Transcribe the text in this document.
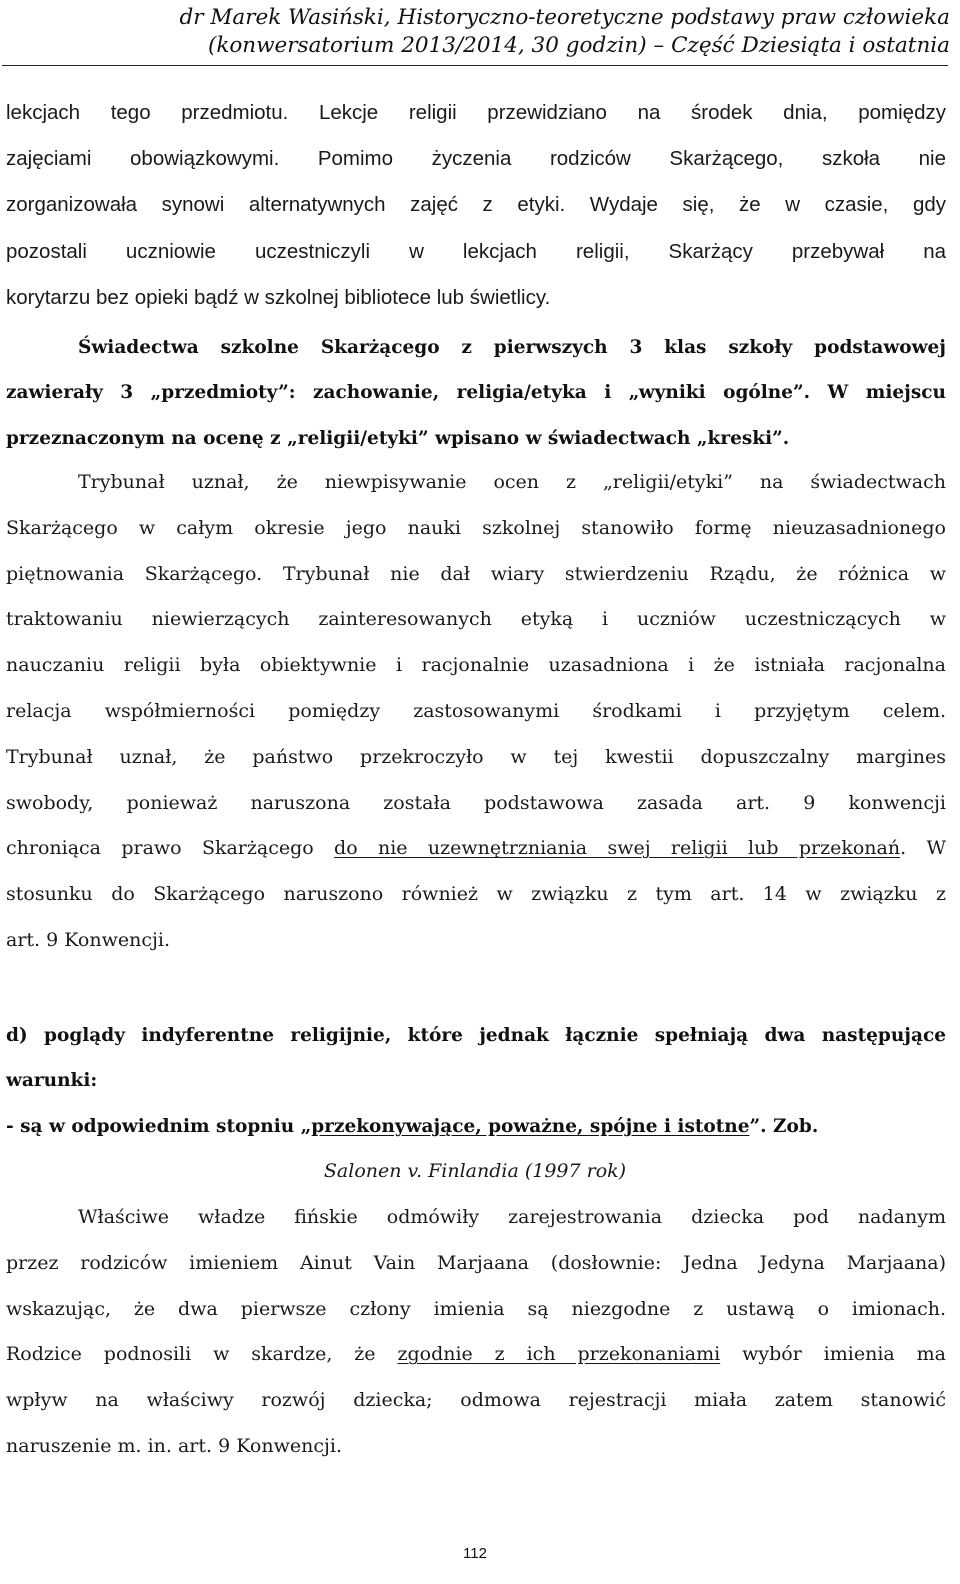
dr Marek Wasiński, Historyczno-teoretyczne podstawy praw człowieka
(konwersatorium 2013/2014, 30 godzin) – Część Dziesiąta i ostatnia

lekcjach tego przedmiotu. Lekcje religii przewidziano na środek dnia, pomiędzy

zajęciami obowiązkowymi. Pomimo życzenia rodziców Skarżącego, szkoła nie

zorganizowała synowi alternatywnych zajęć z etyki. Wydaje się, że w czasie, gdy

pozostali uczniowie uczestniczyli w lekcjach religii, Skarżący przebywał na

korytarzu bez opieki bądź w szkolnej bibliotece lub świetlicy.

Świadectwa szkolne Skarżącego z pierwszych 3 klas szkoły podstawowej

zawierały 3 „przedmioty”: zachowanie, religia/etyka i „wyniki ogólne”. W miejscu

przeznaczonym na ocenę z „religii/etyki” wpisano w świadectwach „kreski”.

Trybunał uznał, że niewpisywanie ocen z „religii/etyki” na świadectwach

Skarżącego w całym okresie jego nauki szkolnej stanowiło formę nieuzasadnionego

piętnowania Skarżącego. Trybunał nie dał wiary stwierdzeniu Rządu, że różnica w

traktowaniu niewierzących zainteresowanych etyką i uczniów uczestniczących w

nauczaniu religii była obiektywnie i racjonalnie uzasadniona i że istniała racjonalna

relacja współmierności pomiędzy zastosowanymi środkami i przyjętym celem.

Trybunał uznał, że państwo przekroczyło w tej kwestii dopuszczalny margines

swobody, ponieważ naruszona została podstawowa zasada art. 9 konwencji

chroniąca prawo Skarżącego do nie uzewnętrzniania swej religii lub przekonań. W

stosunku do Skarżącego naruszono również w związku z tym art. 14 w związku z

art. 9 Konwencji.

d) poglądy indyferentne religijnie, które jednak łącznie spełniają dwa następujące

warunki:

- są w odpowiednim stopniu „przekonywające, poważne, spójne i istotne”. Zob.

Salonen v. Finlandia (1997 rok)

Właściwe władze fińskie odmówiły zarejestrowania dziecka pod nadanym

przez rodziców imieniem Ainut Vain Marjaana (dosłownie: Jedna Jedyna Marjaana)

wskazując, że dwa pierwsze człony imienia są niezgodne z ustawą o imionach.

Rodzice podnosili w skardze, że zgodnie z ich przekonaniami wybór imienia ma

wpływ na właściwy rozwój dziecka; odmowa rejestracji miała zatem stanowić

naruszenie m. in. art. 9 Konwencji.

112
